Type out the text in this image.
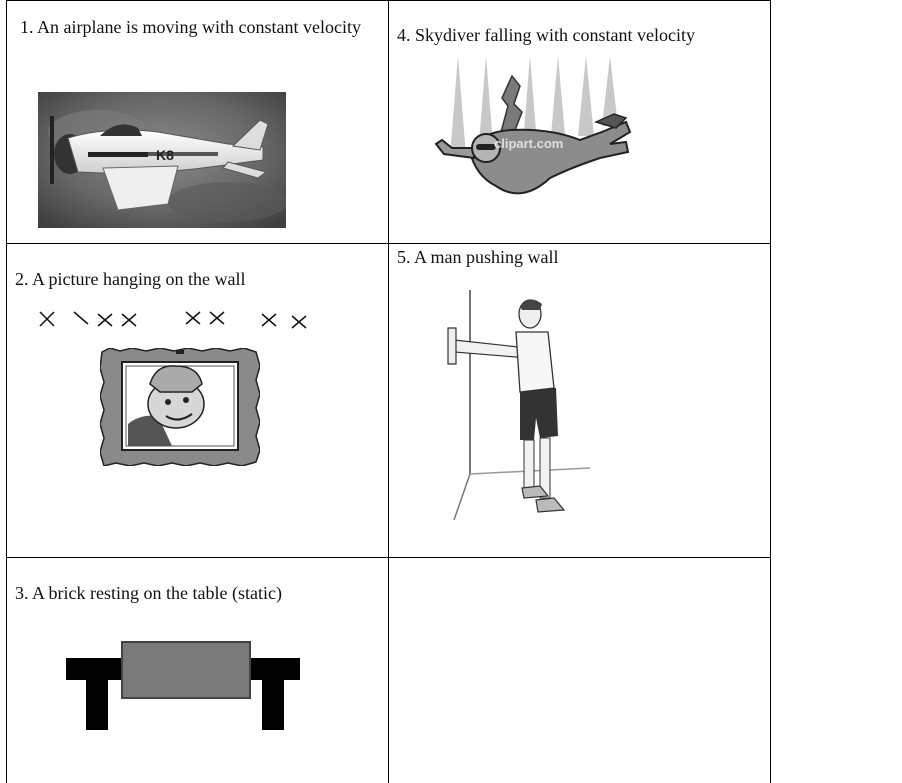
1. An airplane is moving with constant velocity
K8
4. Skydiver falling with constant velocity
clipart.com
2. A picture hanging on the wall
5. A man pushing wall
3. A brick resting on the table (static)
